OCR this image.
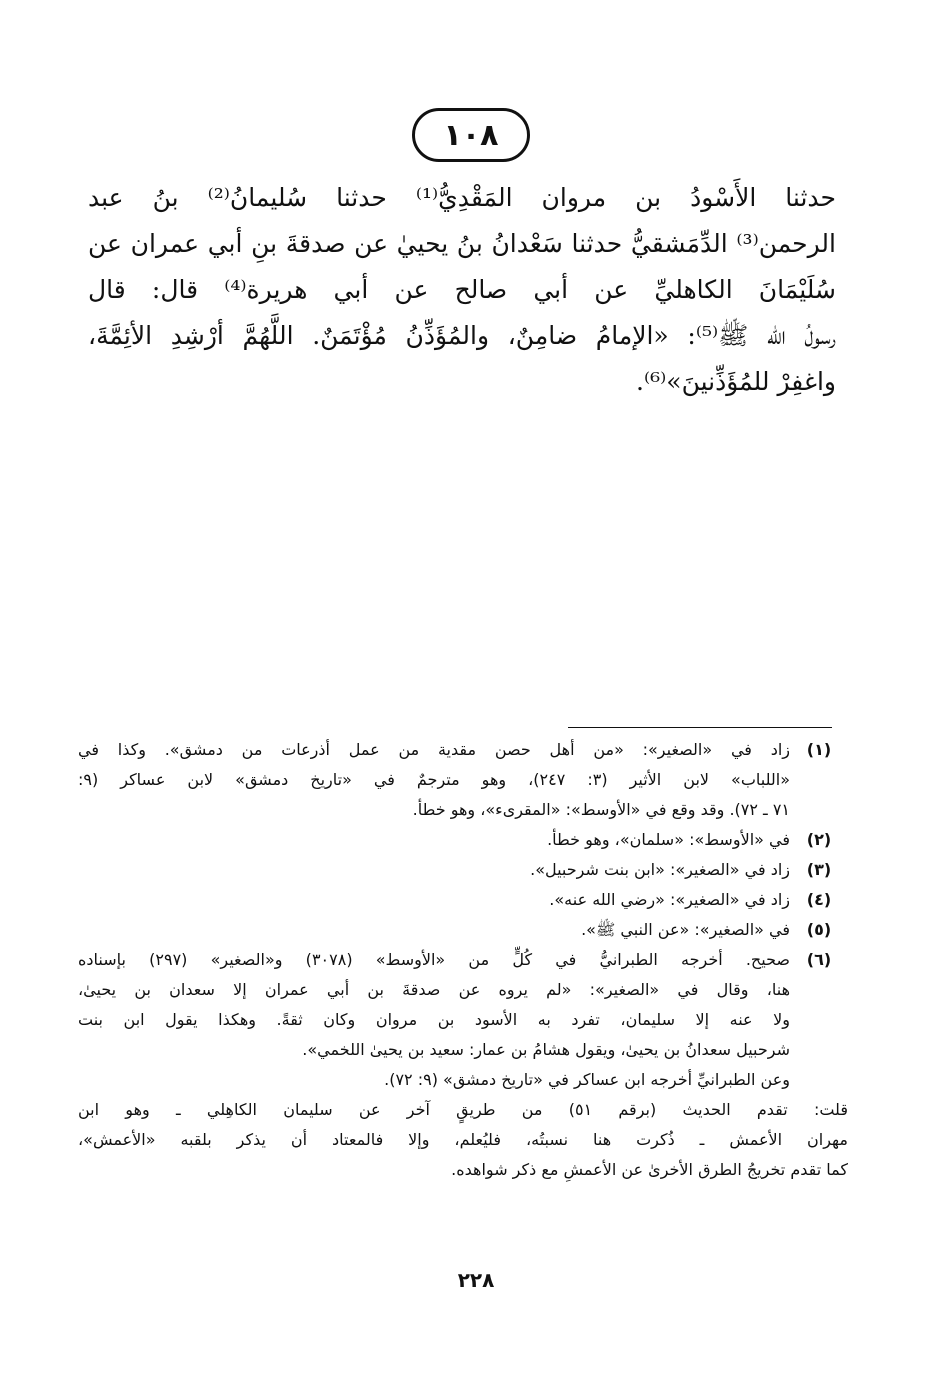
١٠٨

حدثنا الأَسْودُ بن مروان المَقْدِيُّ⁽¹⁾ حدثنا سُليمانُ⁽²⁾ بنُ عبد
الرحمن⁽³⁾ الدِّمَشقيُّ حدثنا سَعْدانُ بنُ يحييٰ عن صدقةَ بنِ أبي عمران عن
سُلَيْمَانَ الكاهليِّ عن أبي صالح عن أبي هريرة⁽⁴⁾ قال: قال
رسولُ الله ﷺ⁽⁵⁾: «الإمامُ ضامِنٌ، والمُؤَذِّنُ مُؤْتَمَنٌ. اللَّهُمَّ أرْشِدِ الأئِمَّةَ،
واغفِرْ للمُؤَذِّنينَ»⁽⁶⁾.

(١)
زاد في «الصغير»: «من أهل حصن مقدية من عمل أذرعات من دمشق». وكذا في
«اللباب» لابن الأثير (٣: ٢٤٧)، وهو مترجمٌ في «تاريخ دمشق» لابن عساكر (٩:
٧١ ـ ٧٢). وقد وقع في «الأوسط»: «المقرىء»، وهو خطأ.
(٢)
في «الأوسط»: «سلمان»، وهو خطأ.
(٣)
زاد في «الصغير»: «ابن بنت شرحبيل».
(٤)
زاد في «الصغير»: «رضي الله عنه».
(٥)
في «الصغير»: «عن النبي ﷺ».
(٦)
صحيح. أخرجه الطبرانيُّ في كُلٍّ من «الأوسط» (٣٠٧٨) و«الصغير» (٢٩٧) بإسناده
هنا، وقال في «الصغير»: «لم يروه عن صدقةَ بن أبي عمران إلا سعدان بن يحيىٰ،
ولا عنه إلا سليمان، تفرد به الأسود بن مروان وكان ثقةً. وهكذا يقول ابن بنت
شرحبيل سعدانُ بن يحيىٰ، ويقول هشامُ بن عمار: سعيد بن يحيىٰ اللخمي».
وعن الطبرانيِّ أخرجه ابن عساكر في «تاريخ دمشق» (٩: ٧٢).
قلت: تقدم الحديث (برقم ٥١) من طريقٍ آخر عن سليمان الكاهِلي ـ وهو ابن
مهران الأعمش ـ ذُكرت هنا نسبتُه، فليُعلم، وإلا فالمعتاد أن يذكر بلقبه «الأعمش»،
كما تقدم تخريجُ الطرق الأخرىٰ عن الأعمشِ مع ذكر شواهده.
٢٢٨
